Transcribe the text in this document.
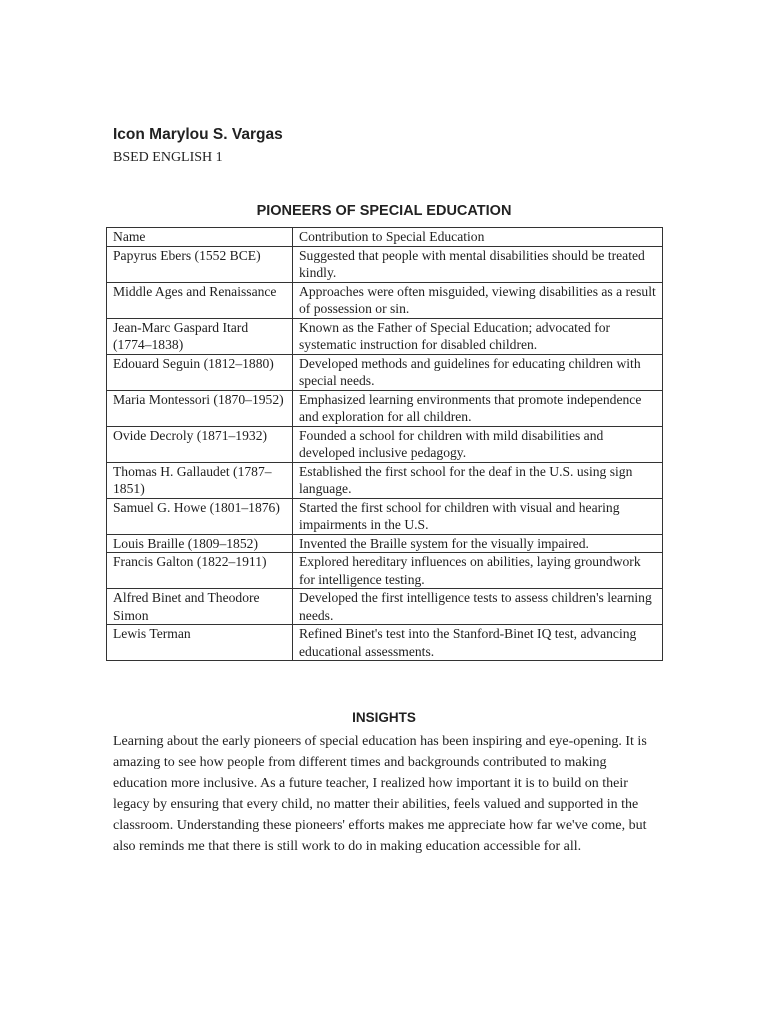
Icon Marylou S. Vargas
BSED ENGLISH 1
PIONEERS OF SPECIAL EDUCATION
Name	Contribution to Special Education
Papyrus Ebers (1552 BCE)	Suggested that people with mental disabilities should be treated kindly.
Middle Ages and Renaissance	Approaches were often misguided, viewing disabilities as a result of possession or sin.
Jean-Marc Gaspard Itard (1774–1838)	Known as the Father of Special Education; advocated for systematic instruction for disabled children.
Edouard Seguin (1812–1880)	Developed methods and guidelines for educating children with special needs.
Maria Montessori (1870–1952)	Emphasized learning environments that promote independence and exploration for all children.
Ovide Decroly (1871–1932)	Founded a school for children with mild disabilities and developed inclusive pedagogy.
Thomas H. Gallaudet (1787–1851)	Established the first school for the deaf in the U.S. using sign language.
Samuel G. Howe (1801–1876)	Started the first school for children with visual and hearing impairments in the U.S.
Louis Braille (1809–1852)	Invented the Braille system for the visually impaired.
Francis Galton (1822–1911)	Explored hereditary influences on abilities, laying groundwork for intelligence testing.
Alfred Binet and Theodore Simon	Developed the first intelligence tests to assess children's learning needs.
Lewis Terman	Refined Binet's test into the Stanford-Binet IQ test, advancing educational assessments.
INSIGHTS

Learning about the early pioneers of special education has been inspiring and eye-opening. It is amazing to see how people from different times and backgrounds contributed to making education more inclusive. As a future teacher, I realized how important it is to build on their legacy by ensuring that every child, no matter their abilities, feels valued and supported in the classroom. Understanding these pioneers' efforts makes me appreciate how far we've come, but also reminds me that there is still work to do in making education accessible for all.
